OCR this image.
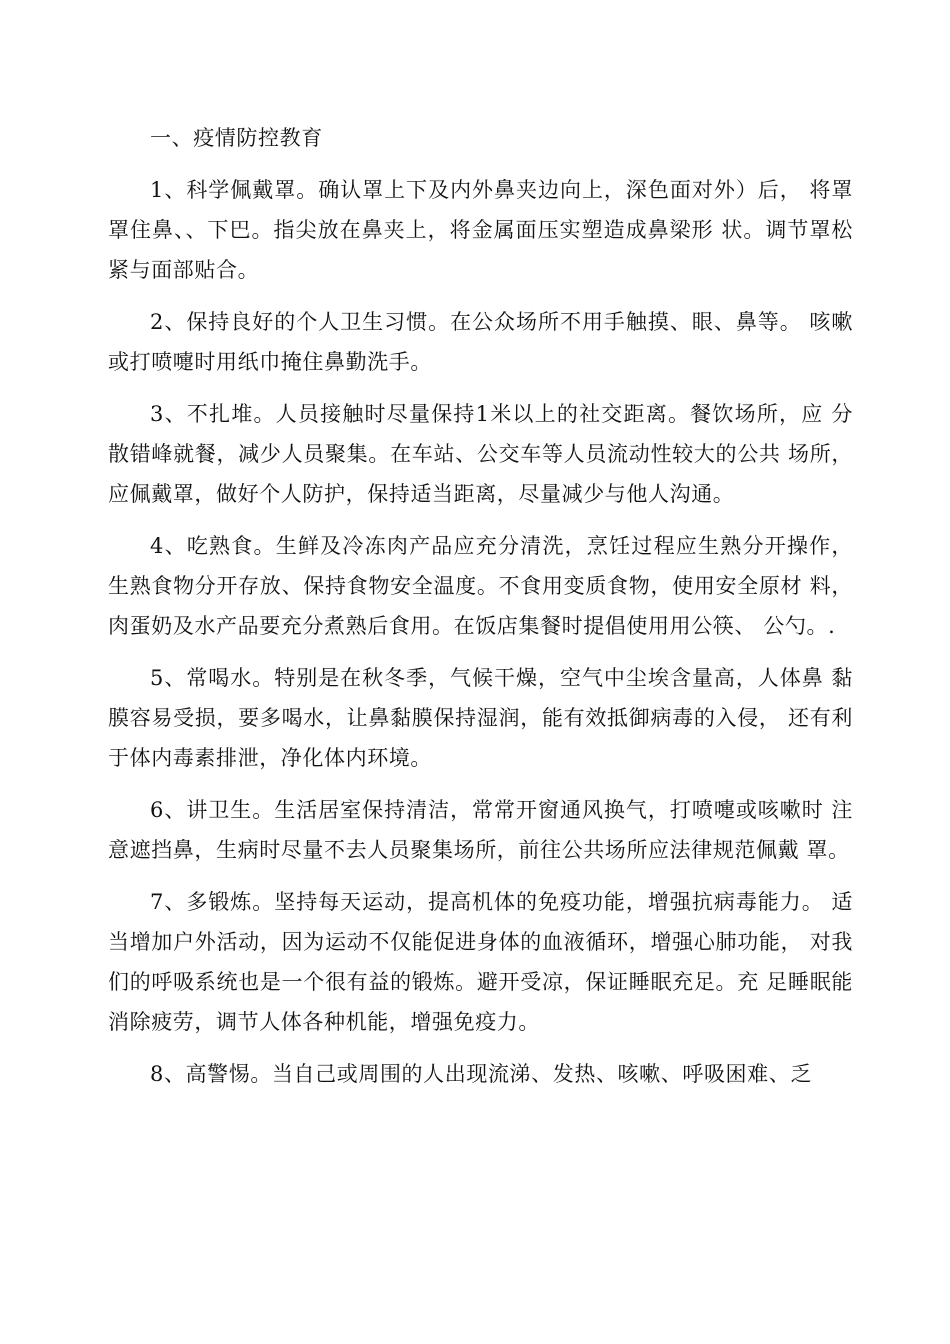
一、疫情防控教育

1、科学佩戴罩。确认罩上下及内外鼻夹边向上，深色面对外）后， 将罩罩住鼻、、下巴。指尖放在鼻夹上，将金属面压实塑造成鼻梁形 状。调节罩松紧与面部贴合。

2、保持良好的个人卫生习惯。在公众场所不用手触摸、眼、鼻等。 咳嗽或打喷嚏时用纸巾掩住鼻勤洗手。

3、不扎堆。人员接触时尽量保持1米以上的社交距离。餐饮场所，应 分散错峰就餐，减少人员聚集。在车站、公交车等人员流动性较大的公共 场所，应佩戴罩，做好个人防护，保持适当距离，尽量减少与他人沟通。

4、吃熟食。生鲜及冷冻肉产品应充分清洗，烹饪过程应生熟分开操作，生熟食物分开存放、保持食物安全温度。不食用变质食物，使用安全原材 料，肉蛋奶及水产品要充分煮熟后食用。在饭店集餐时提倡使用用公筷、 公勺。.

5、常喝水。特别是在秋冬季，气候干燥，空气中尘埃含量高，人体鼻 黏膜容易受损，要多喝水，让鼻黏膜保持湿润，能有效抵御病毒的入侵， 还有利于体内毒素排泄，净化体内环境。

6、讲卫生。生活居室保持清洁，常常开窗通风换气，打喷嚏或咳嗽时 注意遮挡鼻，生病时尽量不去人员聚集场所，前往公共场所应法律规范佩戴 罩。

7、多锻炼。坚持每天运动，提高机体的免疫功能，增强抗病毒能力。 适当增加户外活动，因为运动不仅能促进身体的血液循环，增强心肺功能， 对我们的呼吸系统也是一个很有益的锻炼。避开受凉，保证睡眠充足。充 足睡眠能消除疲劳，调节人体各种机能，增强免疫力。

8、高警惕。当自己或周围的人出现流涕、发热、咳嗽、呼吸困难、乏
